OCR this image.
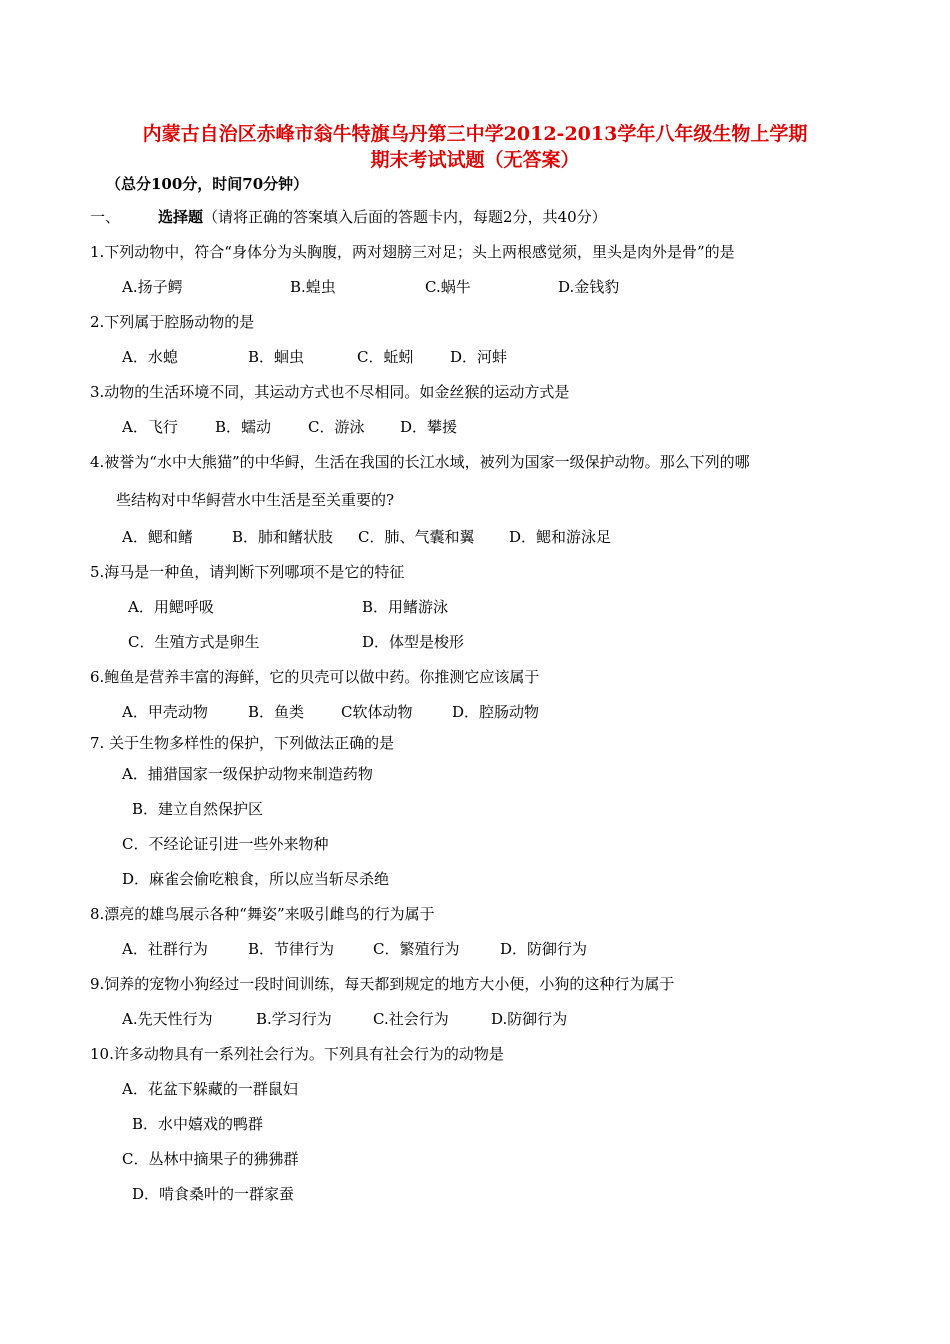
内蒙古自治区赤峰市翁牛特旗乌丹第三中学2012-2013学年八年级生物上学期
期末考试试题（无答案）
（总分100分，时间70分钟）
一、	选择题（请将正确的答案填入后面的答题卡内，每题2分，共40分）
1.下列动物中，符合“身体分为头胸腹，两对翅膀三对足；头上两根感觉须，里头是肉外是骨”的是
A.扬子鳄	B.蝗虫	C.蜗牛	D.金钱豹
2.下列属于腔肠动物的是
A．水螅	B．蛔虫	C．蚯蚓 D．河蚌
3.动物的生活环境不同，其运动方式也不尽相同。如金丝猴的运动方式是
A．飞行 B．蠕动 C．游泳 D．攀援
4.被誉为“水中大熊猫”的中华鲟，生活在我国的长江水域，被列为国家一级保护动物。那么下列的哪
些结构对中华鲟营水中生活是至关重要的?
A．鳃和鳍	B．肺和鳍状肢 C．肺、气囊和翼 D．鳃和游泳足
5.海马是一种鱼，请判断下列哪项不是它的特征
A．用鳃呼吸	B．用鳍游泳
C．生殖方式是卵生	D．体型是梭形
6.鲍鱼是营养丰富的海鲜，它的贝壳可以做中药。你推测它应该属于
A．甲壳动物	B．鱼类 C软体动物	D．腔肠动物
7. 关于生物多样性的保护，下列做法正确的是
A．捕猎国家一级保护动物来制造药物
B．建立自然保护区
C．不经论证引进一些外来物种
D．麻雀会偷吃粮食，所以应当斩尽杀绝
8.漂亮的雄鸟展示各种“舞姿”来吸引雌鸟的行为属于
A．社群行为	B．节律行为	C．繁殖行为	D．防御行为
9.饲养的宠物小狗经过一段时间训练，每天都到规定的地方大小便，小狗的这种行为属于
A.先天性行为	B.学习行为	C.社会行为	D.防御行为
10.许多动物具有一系列社会行为。下列具有社会行为的动物是
A．花盆下躲藏的一群鼠妇
B．水中嬉戏的鸭群
C．丛林中摘果子的狒狒群
D．啃食桑叶的一群家蚕
